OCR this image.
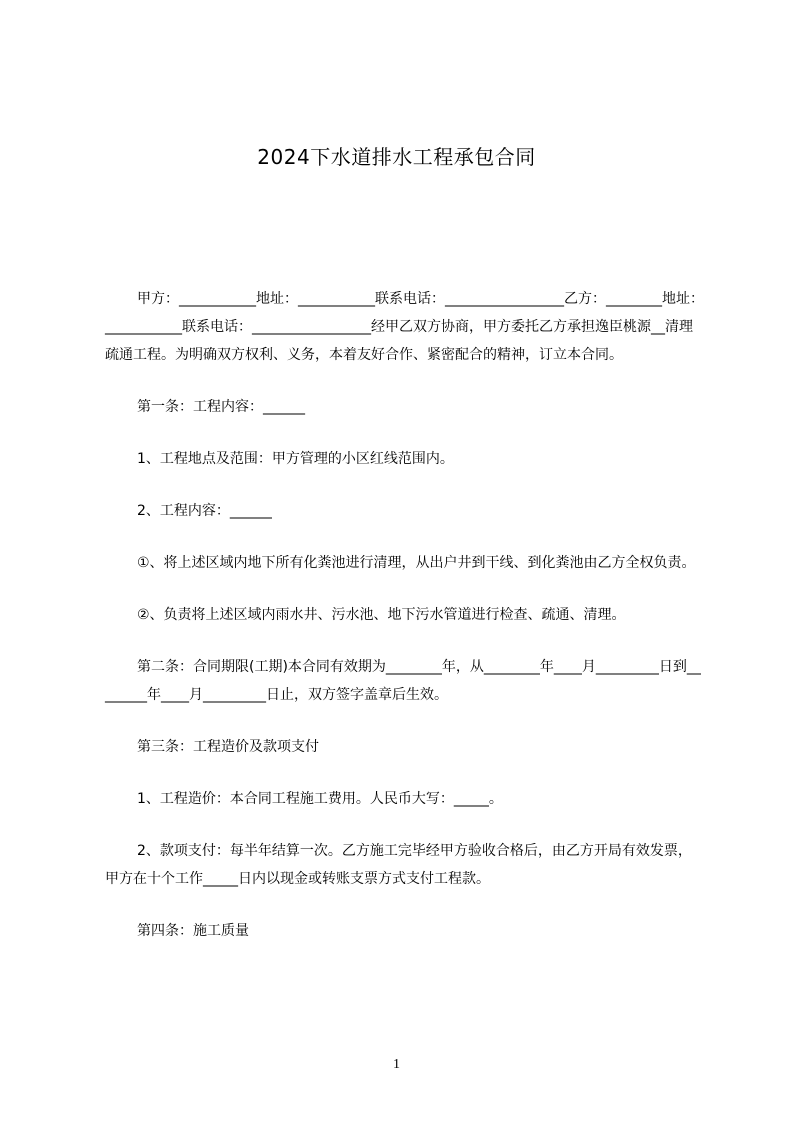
2024下水道排水工程承包合同

甲方：___________地址：___________联系电话：_________________乙方：________地址：___________联系电话：_________________经甲乙双方协商，甲方委托乙方承担逸臣桃源__清理疏通工程。为明确双方权利、义务，本着友好合作、紧密配合的精神，订立本合同。

第一条：工程内容：______

1、工程地点及范围：甲方管理的小区红线范围内。

2、工程内容：______

①、将上述区域内地下所有化粪池进行清理，从出户井到干线、到化粪池由乙方全权负责。

②、负责将上述区域内雨水井、污水池、地下污水管道进行检查、疏通、清理。

第二条：合同期限(工期)本合同有效期为________年，从________年____月_________日到________年____月_________日止，双方签字盖章后生效。

第三条：工程造价及款项支付

1、工程造价：本合同工程施工费用。人民币大写：_____。

2、款项支付：每半年结算一次。乙方施工完毕经甲方验收合格后，由乙方开局有效发票，甲方在十个工作_____日内以现金或转账支票方式支付工程款。

第四条：施工质量

1
